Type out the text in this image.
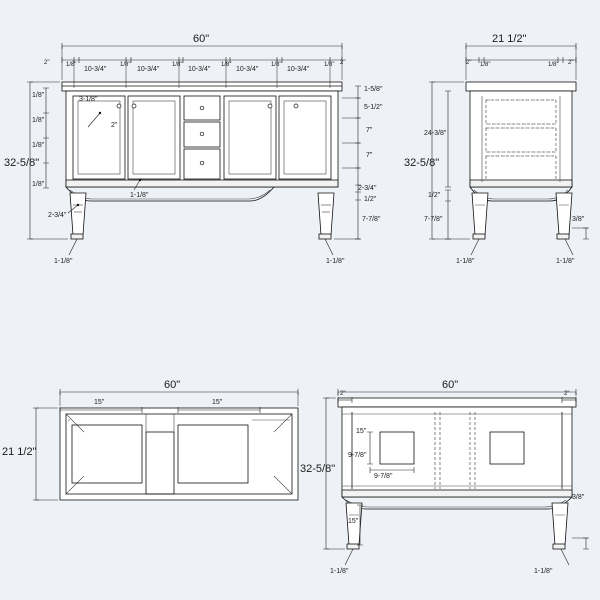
60"
2"	1/8"
10-3/4"
1/8"
10-3/4"
1/8"
10-3/4"
1/8"
10-3/4"
1/8"
10-3/4"
1/8" 2"
1/8"
1/8"
1/8"
1/8"
32-5/8"
1-5/8"
5-1/2"
7"
7"
2-3/4"
1/2"
7-7/8"
3-1/8"
2"
1-1/8"
2-3/4"
1-1/8"	1-1/8"
21 1/2"
2" 1/8"	1/8" 2"
24-3/8"
32-5/8"
1/2"
7-7/8"	3/8"
1-1/8"	1-1/8"
60"
15"	15"
21 1/2"
60"
2"	2"
15"
9-7/8"
9-7/8"
32-5/8"
15"
3/8"
1-1/8"	1-1/8"
